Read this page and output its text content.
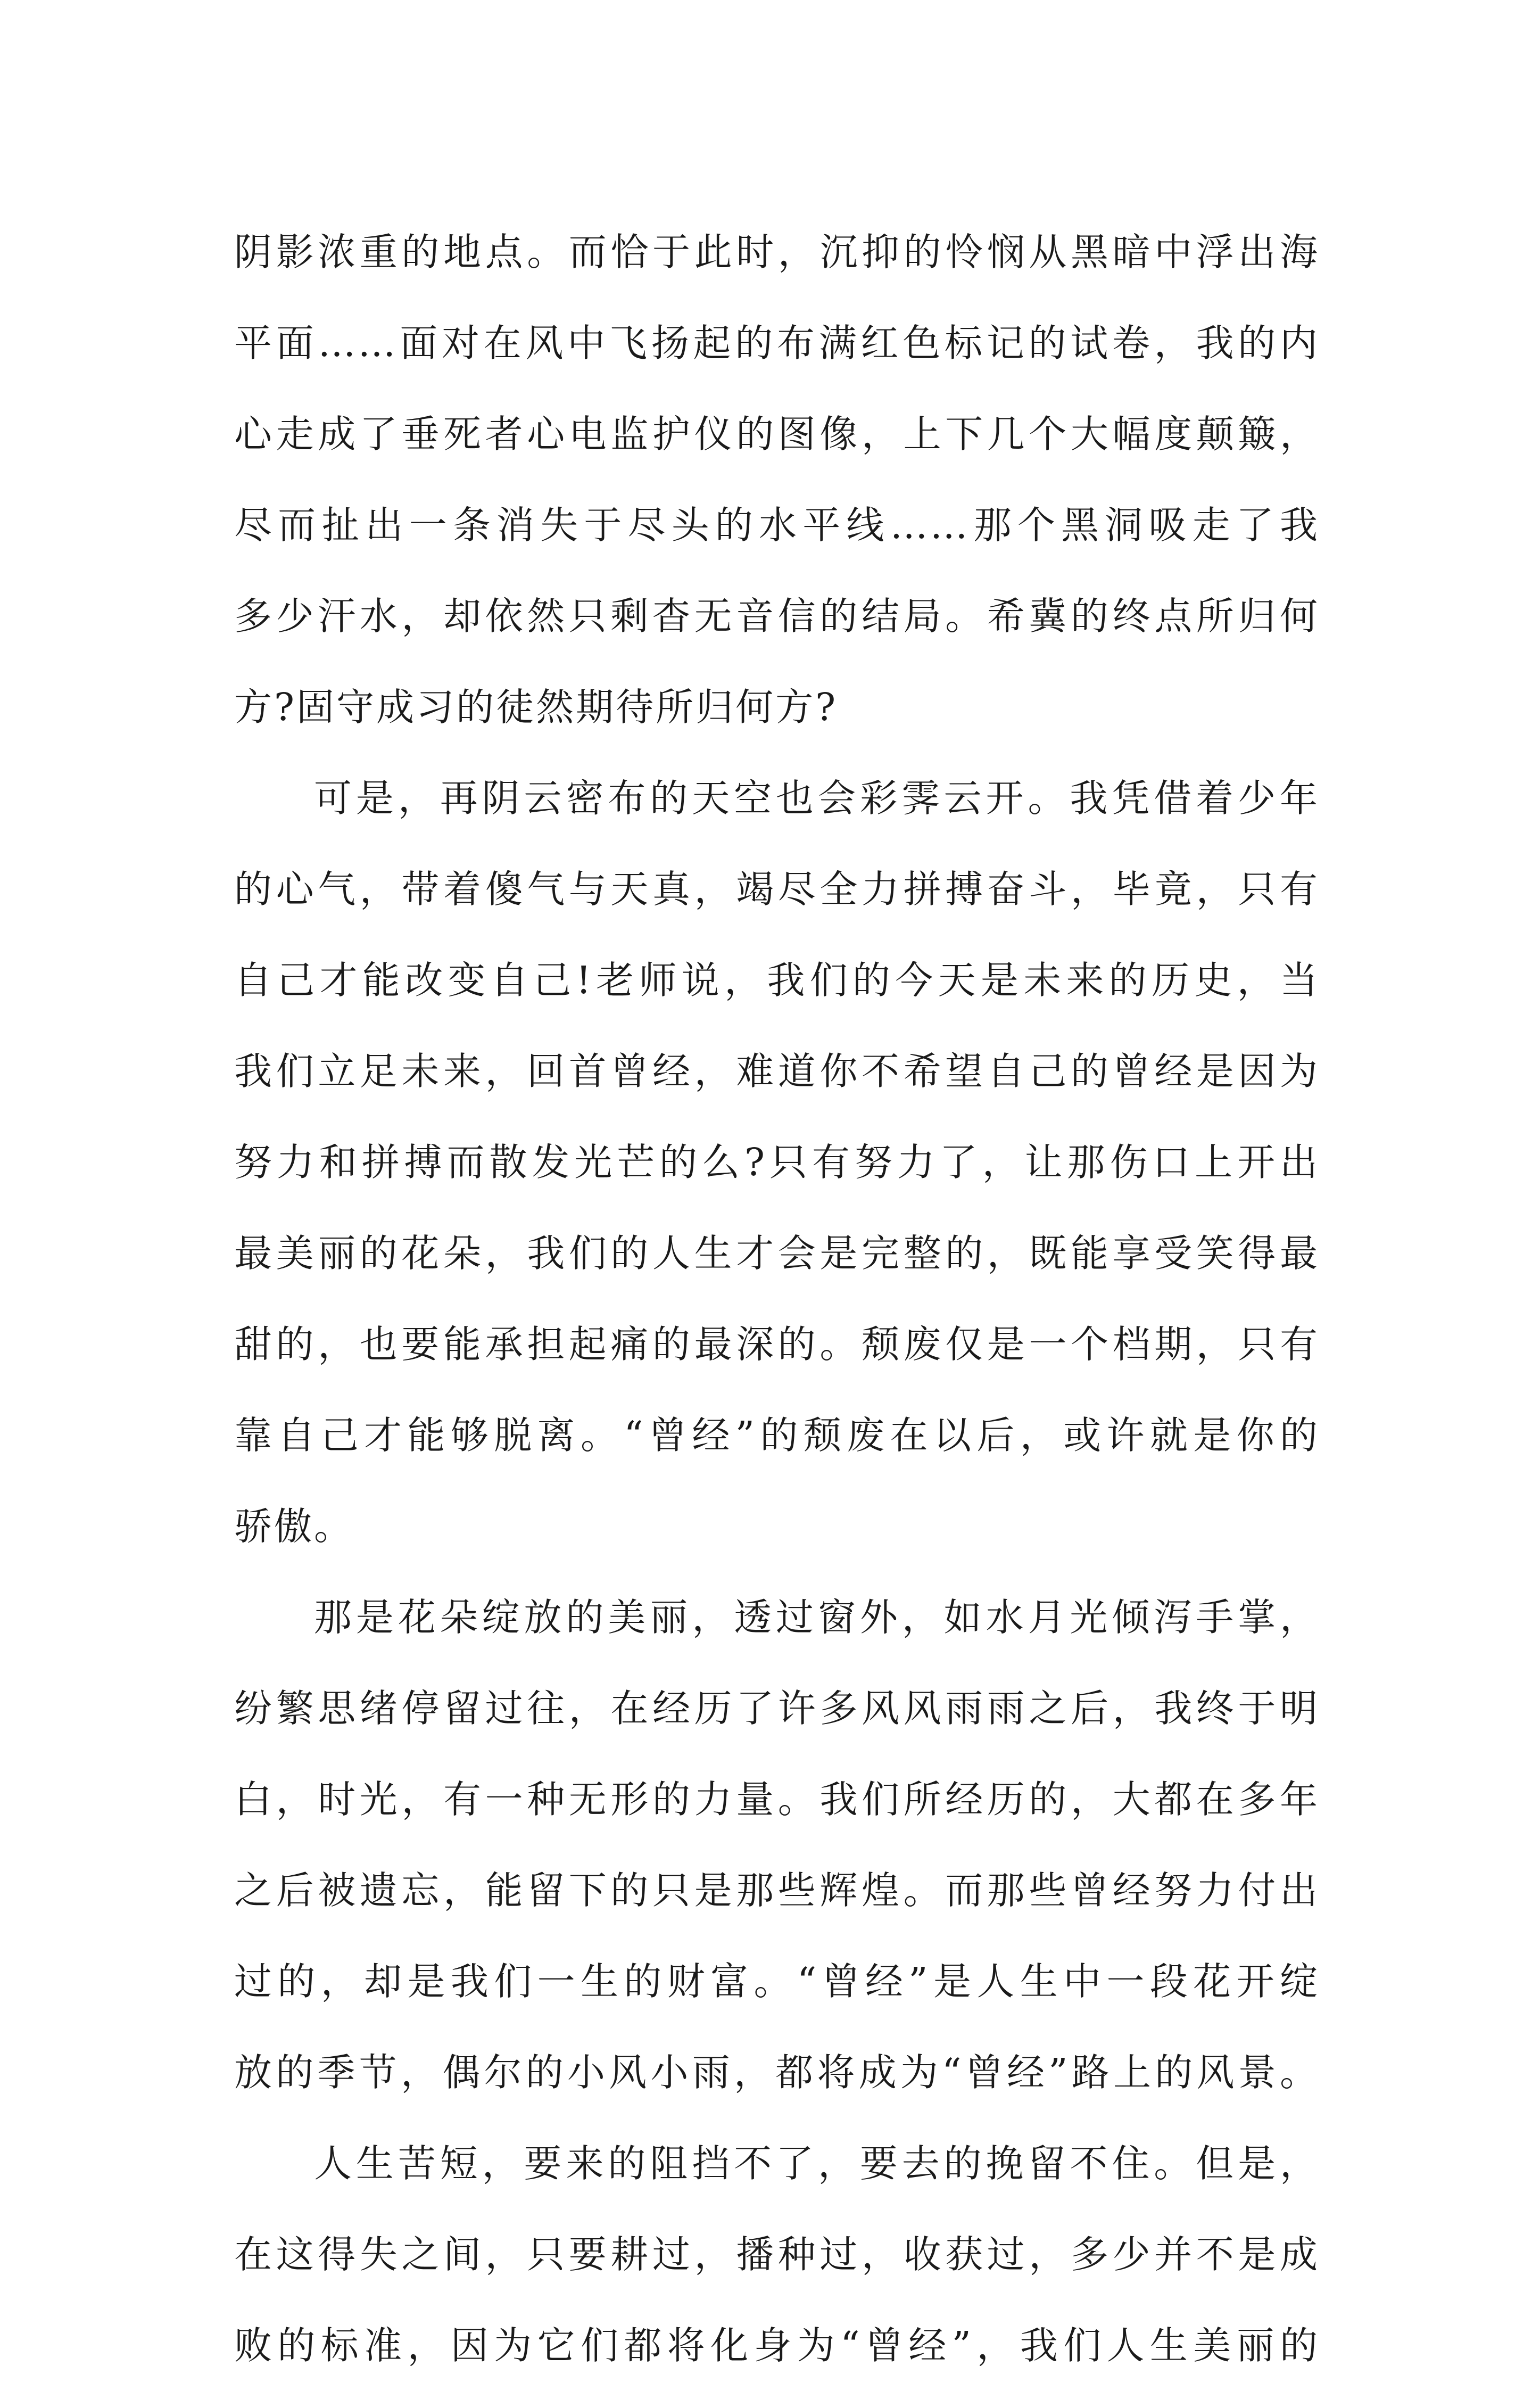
阴影浓重的地点。而恰于此时，沉抑的怜悯从黑暗中浮出海
平面……面对在风中飞扬起的布满红色标记的试卷，我的内
心走成了垂死者心电监护仪的图像，上下几个大幅度颠簸，
尽而扯出一条消失于尽头的水平线……那个黑洞吸走了我
多少汗水，却依然只剩杳无音信的结局。希冀的终点所归何
方?固守成习的徒然期待所归何方?
可是，再阴云密布的天空也会彩霁云开。我凭借着少年
的心气，带着傻气与天真，竭尽全力拼搏奋斗，毕竟，只有
自己才能改变自己!老师说，我们的今天是未来的历史，当
我们立足未来，回首曾经，难道你不希望自己的曾经是因为
努力和拼搏而散发光芒的么?只有努力了，让那伤口上开出
最美丽的花朵，我们的人生才会是完整的，既能享受笑得最
甜的，也要能承担起痛的最深的。颓废仅是一个档期，只有
靠自己才能够脱离。“曾经”的颓废在以后，或许就是你的
骄傲。
那是花朵绽放的美丽，透过窗外，如水月光倾泻手掌，
纷繁思绪停留过往，在经历了许多风风雨雨之后，我终于明
白，时光，有一种无形的力量。我们所经历的，大都在多年
之后被遗忘，能留下的只是那些辉煌。而那些曾经努力付出
过的，却是我们一生的财富。“曾经”是人生中一段花开绽
放的季节，偶尔的小风小雨，都将成为“曾经”路上的风景。
人生苦短，要来的阻挡不了，要去的挽留不住。但是，
在这得失之间，只要耕过，播种过，收获过，多少并不是成
败的标准，因为它们都将化身为“曾经”，我们人生美丽的
